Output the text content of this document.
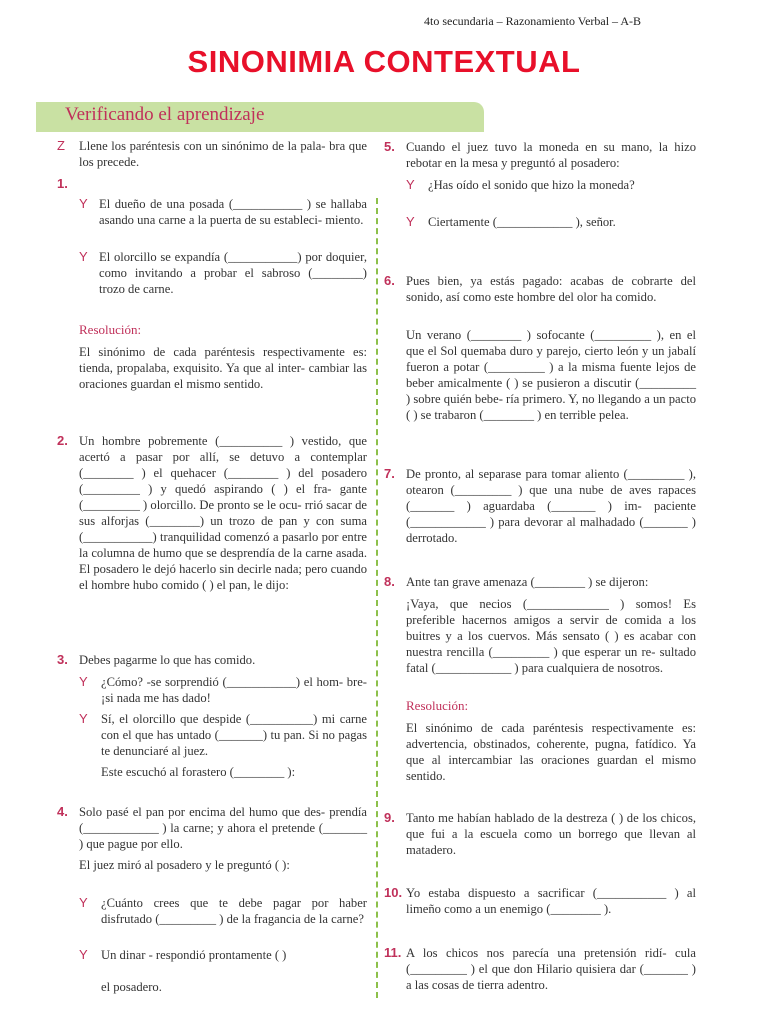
4to secundaria – Razonamiento Verbal – A-B
SINONIMIA CONTEXTUAL
Verificando el aprendizaje
Z Llene los paréntesis con un sinónimo de la pala- bra que los precede.
1.
Y El dueño de una posada (___________ ) se hallaba asando una carne a la puerta de su estableci- miento.
Y El olorcillo se expandía (___________) por doquier, como invitando a probar el sabroso (________) trozo de carne.
Resolución:
El sinónimo de cada paréntesis respectivamente es: tienda, propalaba, exquisito. Ya que al inter- cambiar las oraciones guardan el mismo sentido.
2. Un hombre pobremente (__________ ) vestido, que acertó a pasar por allí, se detuvo a contemplar (________ ) el quehacer (________ ) del posadero (_________ ) y quedó aspirando ( ) el fra- gante (_________ ) olorcillo. De pronto se le ocu- rrió sacar de sus alforjas (________) un trozo de pan y con suma (___________) tranquilidad comenzó a pasarlo por entre la columna de humo que se desprendía de la carne asada. El posadero le dejó hacerlo sin decirle nada; pero cuando el hombre hubo comido ( ) el pan, le dijo:
3. Debes pagarme lo que has comido.
Y ¿Cómo? -se sorprendió (___________) el hom- bre- ¡si nada me has dado!
Y Sí, el olorcillo que despide (__________) mi carne con el que has untado (_______) tu pan. Si no pagas te denunciaré al juez.
Este escuchó al forastero (________ ):
4. Solo pasé el pan por encima del humo que des- prendía (____________ ) la carne; y ahora el pretende (_______ ) que pague por ello.
El juez miró al posadero y le preguntó ( ):
Y ¿Cuánto crees que te debe pagar por haber disfrutado (_________ ) de la fragancia de la carne?
Y Un dinar - respondió prontamente ( )
el posadero.
5. Cuando el juez tuvo la moneda en su mano, la hizo rebotar en la mesa y preguntó al posadero:
Y ¿Has oído el sonido que hizo la moneda?
Y Ciertamente (____________ ), señor.
6. Pues bien, ya estás pagado: acabas de cobrarte del sonido, así como este hombre del olor ha comido.
Un verano (________ ) sofocante (_________ ), en el que el Sol quemaba duro y parejo, cierto león y un jabalí fueron a potar (_________ ) a la misma fuente lejos de beber amicalmente ( ) se pusieron a discutir (_________ ) sobre quién bebe- ría primero. Y, no llegando a un pacto ( ) se trabaron (________ ) en terrible pelea.
7. De pronto, al separase para tomar aliento (_________ ), otearon (_________ ) que una nube de aves rapaces (_______ ) aguardaba (_______ ) im- paciente (____________ ) para devorar al malhadado (_______ ) derrotado.
8. Ante tan grave amenaza (________ ) se dijeron:
¡Vaya, que necios (_____________ ) somos! Es preferible hacernos amigos a servir de comida a los buitres y a los cuervos. Más sensato ( ) es acabar con nuestra rencilla (_________ ) que esperar un re- sultado fatal (____________ ) para cualquiera de nosotros.
Resolución:
El sinónimo de cada paréntesis respectivamente es: advertencia, obstinados, coherente, pugna, fatídico. Ya que al intercambiar las oraciones guardan el mismo sentido.
9. Tanto me habían hablado de la destreza ( ) de los chicos, que fui a la escuela como un borrego que llevan al matadero.
10. Yo estaba dispuesto a sacrificar (___________ ) al limeño como a un enemigo (________ ).
11. A los chicos nos parecía una pretensión ridí- cula (_________ ) el que don Hilario quisiera dar (_______ ) a las cosas de tierra adentro.
